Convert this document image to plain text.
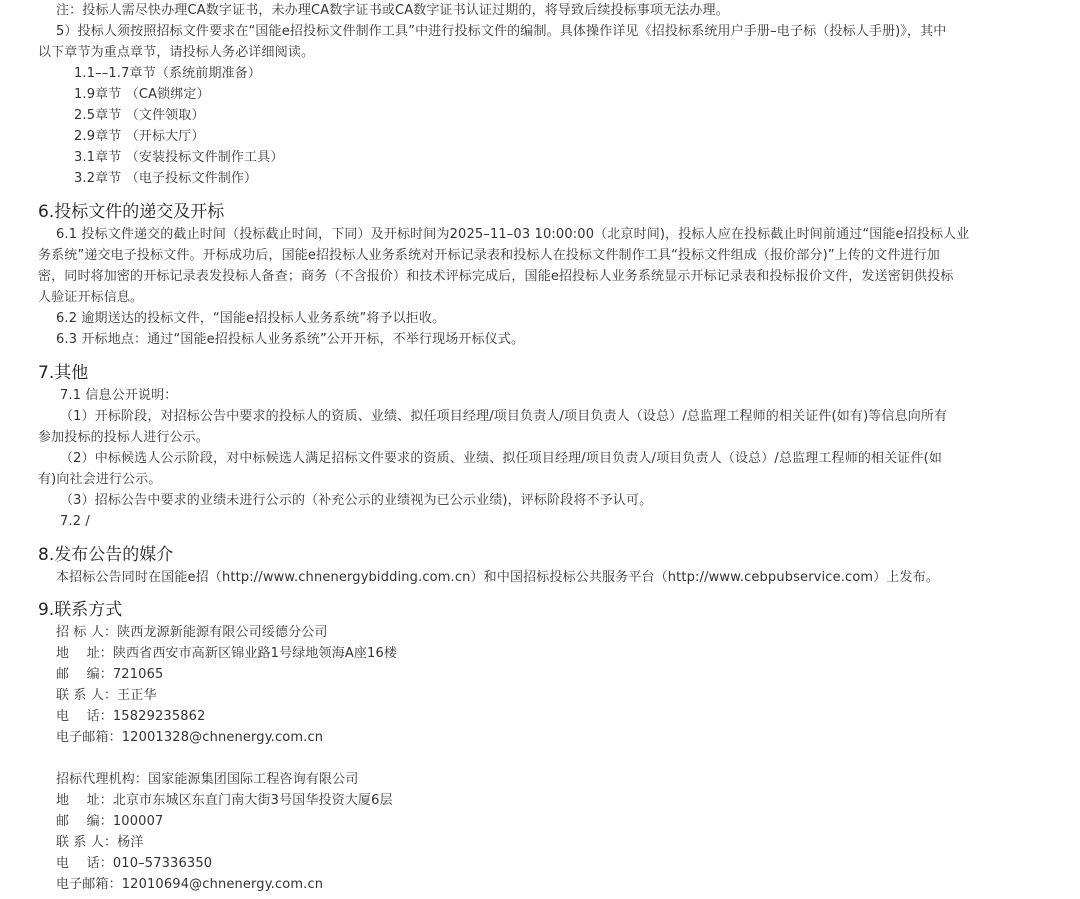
注：投标人需尽快办理CA数字证书，未办理CA数字证书或CA数字证书认证过期的，将导致后续投标事项无法办理。
5）投标人须按照招标文件要求在“国能e招投标文件制作工具”中进行投标文件的编制。具体操作详见《招投标系统用户手册–电子标（投标人手册)》，其中
以下章节为重点章节，请投标人务必详细阅读。
1.1––1.7章节（系统前期准备）
1.9章节 （CA锁绑定）
2.5章节 （文件领取）
2.9章节 （开标大厅）
3.1章节 （安装投标文件制作工具）
3.2章节 （电子投标文件制作）
6.投标文件的递交及开标
6.1 投标文件递交的截止时间（投标截止时间，下同）及开标时间为2025–11–03 10:00:00（北京时间)，投标人应在投标截止时间前通过“国能e招投标人业
务系统”递交电子投标文件。开标成功后，国能e招投标人业务系统对开标记录表和投标人在投标文件制作工具“投标文件组成（报价部分)”上传的文件进行加
密，同时将加密的开标记录表发投标人备查；商务（不含报价）和技术评标完成后，国能e招投标人业务系统显示开标记录表和投标报价文件，发送密钥供投标
人验证开标信息。
6.2 逾期送达的投标文件，“国能e招投标人业务系统”将予以拒收。
6.3 开标地点：通过“国能e招投标人业务系统”公开开标，不举行现场开标仪式。
7.其他
7.1 信息公开说明：
（1）开标阶段，对招标公告中要求的投标人的资质、业绩、拟任项目经理/项目负责人/项目负责人（设总）/总监理工程师的相关证件(如有)等信息向所有
参加投标的投标人进行公示。
（2）中标候选人公示阶段，对中标候选人满足招标文件要求的资质、业绩、拟任项目经理/项目负责人/项目负责人（设总）/总监理工程师的相关证件(如
有)向社会进行公示。
（3）招标公告中要求的业绩未进行公示的（补充公示的业绩视为已公示业绩)，评标阶段将不予认可。
7.2 /
8.发布公告的媒介
本招标公告同时在国能e招（http://www.chnenergybidding.com.cn）和中国招标投标公共服务平台（http://www.cebpubservice.com）上发布。
9.联系方式
招 标 人：陕西龙源新能源有限公司绥德分公司
地　 址：陕西省西安市高新区锦业路1号绿地领海A座16楼
邮　 编：721065
联 系 人：王正华
电　 话：15829235862
电子邮箱：12001328@chnenergy.com.cn
招标代理机构：国家能源集团国际工程咨询有限公司
地　 址：北京市东城区东直门南大街3号国华投资大厦6层
邮　 编：100007
联 系 人：杨洋
电　 话：010–57336350
电子邮箱：12010694@chnenergy.com.cn
